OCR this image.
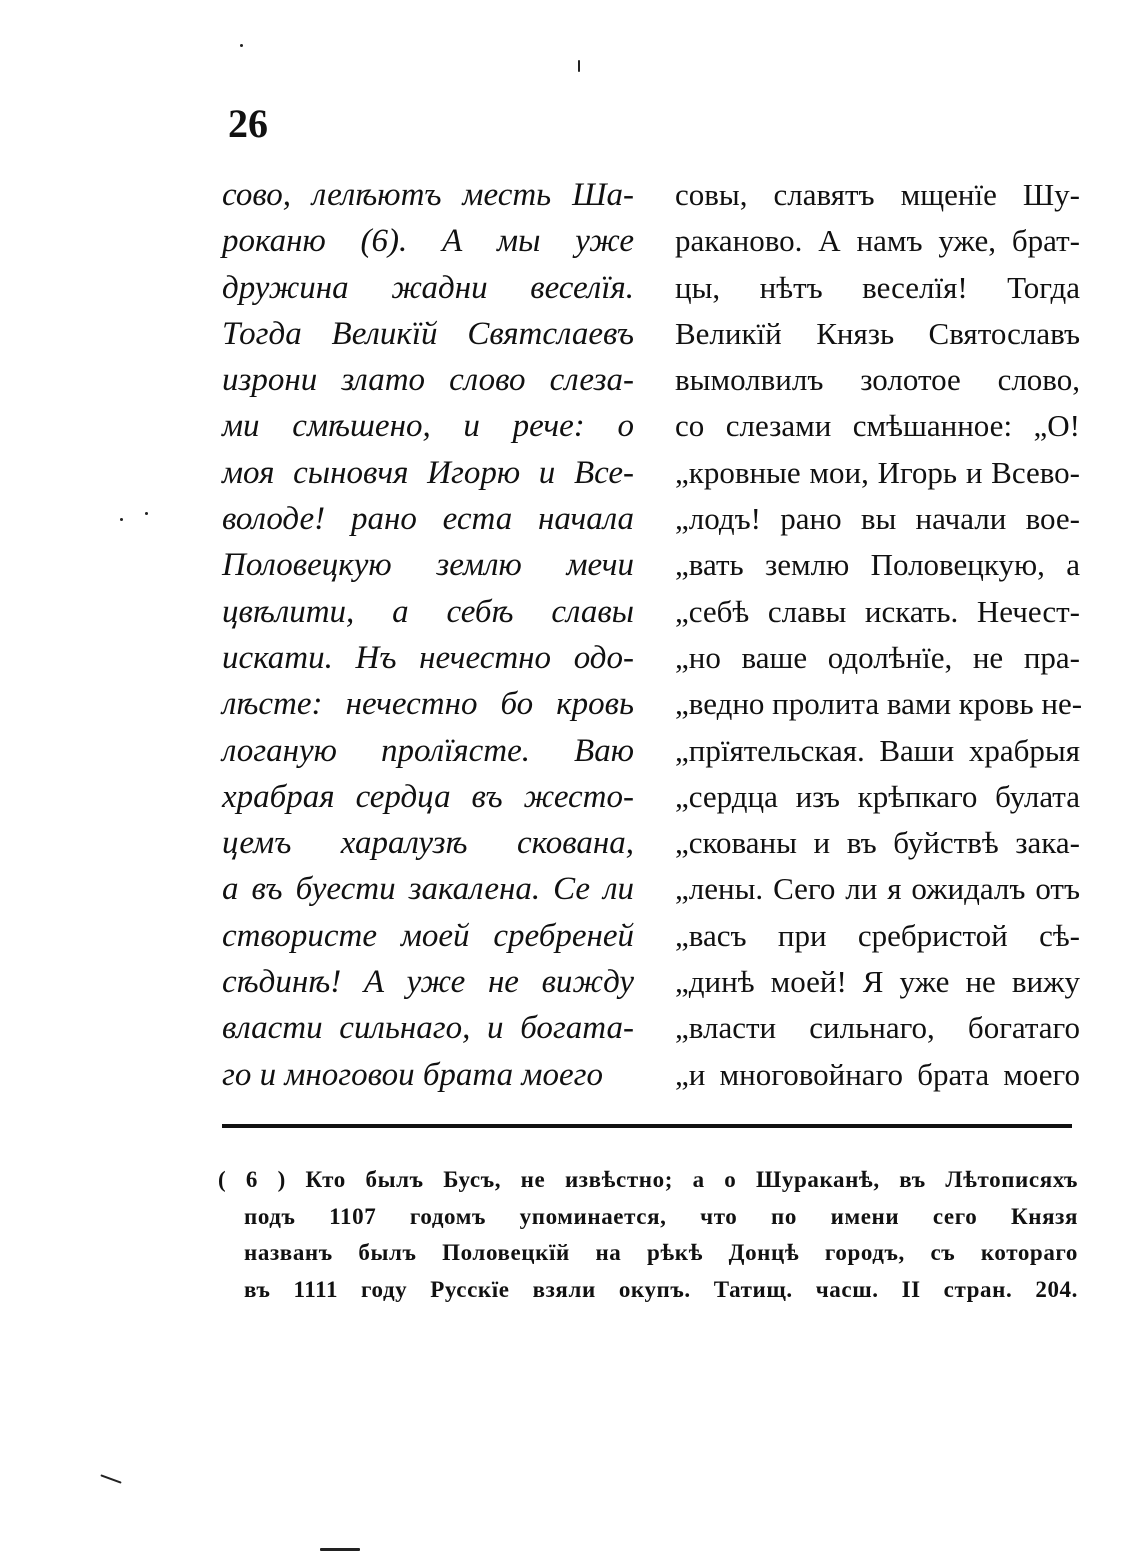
26
сово, лелѣютъ месть Ша-
роканю (6). А мы уже
дружина жадни веселїя.
Тогда Великїй Святслаевъ
изрони злато слово слеза-
ми смѣшено, и рече: о
моя сыновчя Игорю и Все-
володе! рано еста начала
Половецкую землю мечи
цвѣлити, а себѣ славы
искати. Нъ нечестно одо-
лѣсте: нечестно бо кровь
логаную пролїясте. Ваю
храбрая сердца въ жесто-
цемъ харалузѣ скована,
а въ буести закалена. Се ли
створисте моей сребреней
сѣдинѣ! А уже не вижду
власти сильнаго, и богата-
го и многовои брата моего
совы, славятъ мщенїе Шу-
раканово. А намъ уже, брат-
цы, нѣтъ веселїя! Тогда
Великїй Князь Святославъ
вымолвилъ золотое слово,
со слезами смѣшанное: „О!
„кровные мои, Игорь и Всево-
„лодъ! рано вы начали вое-
„вать землю Половецкую, а
„себѣ славы искать. Нечест-
„но ваше одолѣнїе, не пра-
„ведно пролита вами кровь не-
„прїятельская. Ваши храбрыя
„сердца изъ крѣпкаго булата
„скованы и въ буйствѣ зака-
„лены. Сего ли я ожидалъ отъ
„васъ при сребристой сѣ-
„динѣ моей! Я уже не вижу
„власти сильнаго, богатаго
„и многовойнаго брата моего
( 6 ) Кто былъ Бусъ, не извѣстно; а о Шураканѣ, въ Лѣтописяхъ
подъ 1107 годомъ упоминается, что по имени сего Князя
названъ былъ Половецкїй на рѣкѣ Донцѣ городъ, съ котораго
въ 1111 году Русскїе взяли окупъ. Татищ. часш. II стран. 204.
